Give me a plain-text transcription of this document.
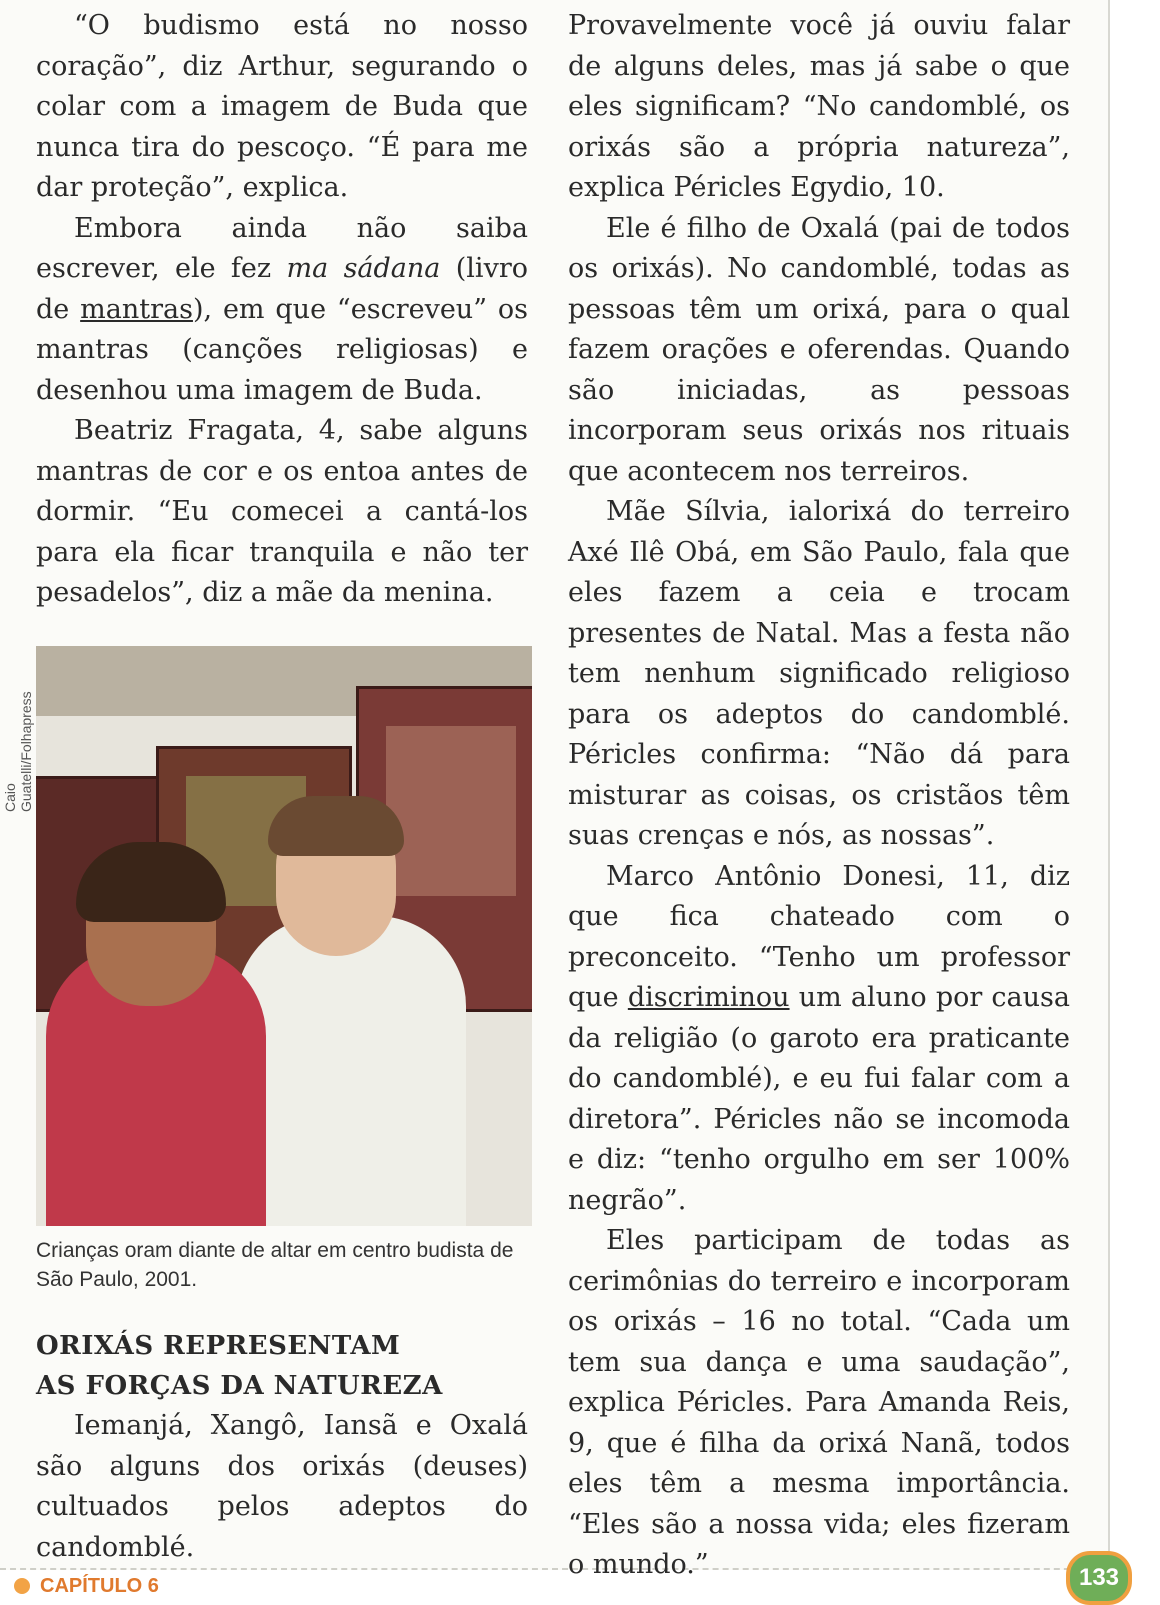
“O budismo está no nosso coração”, diz Arthur, segurando o colar com a imagem de Buda que nunca tira do pescoço. “É para me dar proteção”, explica.

Embora ainda não saiba escrever, ele fez ma sádana (livro de mantras), em que “escreveu” os mantras (canções religiosas) e desenhou uma imagem de Buda.

Beatriz Fragata, 4, sabe alguns mantras de cor e os entoa antes de dormir. “Eu comecei a cantá-los para ela ficar tranquila e não ter pesadelos”, diz a mãe da menina.

Caio Guatelli/Folhapress
Crianças oram diante de altar em centro budista de São Paulo, 2001.
ORIXÁS REPRESENTAM
AS FORÇAS DA NATUREZA

Iemanjá, Xangô, Iansã e Oxalá são alguns dos orixás (deuses) cultuados pelos adeptos do candomblé.

Provavelmente você já ouviu falar de alguns deles, mas já sabe o que eles significam? “No candomblé, os orixás são a própria natureza”, explica Péricles Egydio, 10.

Ele é filho de Oxalá (pai de todos os orixás). No candomblé, todas as pessoas têm um orixá, para o qual fazem orações e oferendas. Quando são iniciadas, as pessoas incorporam seus orixás nos rituais que acontecem nos terreiros.

Mãe Sílvia, ialorixá do terreiro Axé Ilê Obá, em São Paulo, fala que eles fazem a ceia e trocam presentes de Natal. Mas a festa não tem nenhum significado religioso para os adeptos do candomblé. Péricles confirma: “Não dá para misturar as coisas, os cristãos têm suas crenças e nós, as nossas”.

Marco Antônio Donesi, 11, diz que fica chateado com o preconceito. “Tenho um professor que discriminou um aluno por causa da religião (o garoto era praticante do candomblé), e eu fui falar com a diretora”. Péricles não se incomoda e diz: “tenho orgulho em ser 100% negrão”.

Eles participam de todas as cerimônias do terreiro e incorporam os orixás – 16 no total. “Cada um tem sua dança e uma saudação”, explica Péricles. Para Amanda Reis, 9, que é filha da orixá Nanã, todos eles têm a mesma importância. “Eles são a nossa vida; eles fizeram o mundo.”

CAPÍTULO 6	133
